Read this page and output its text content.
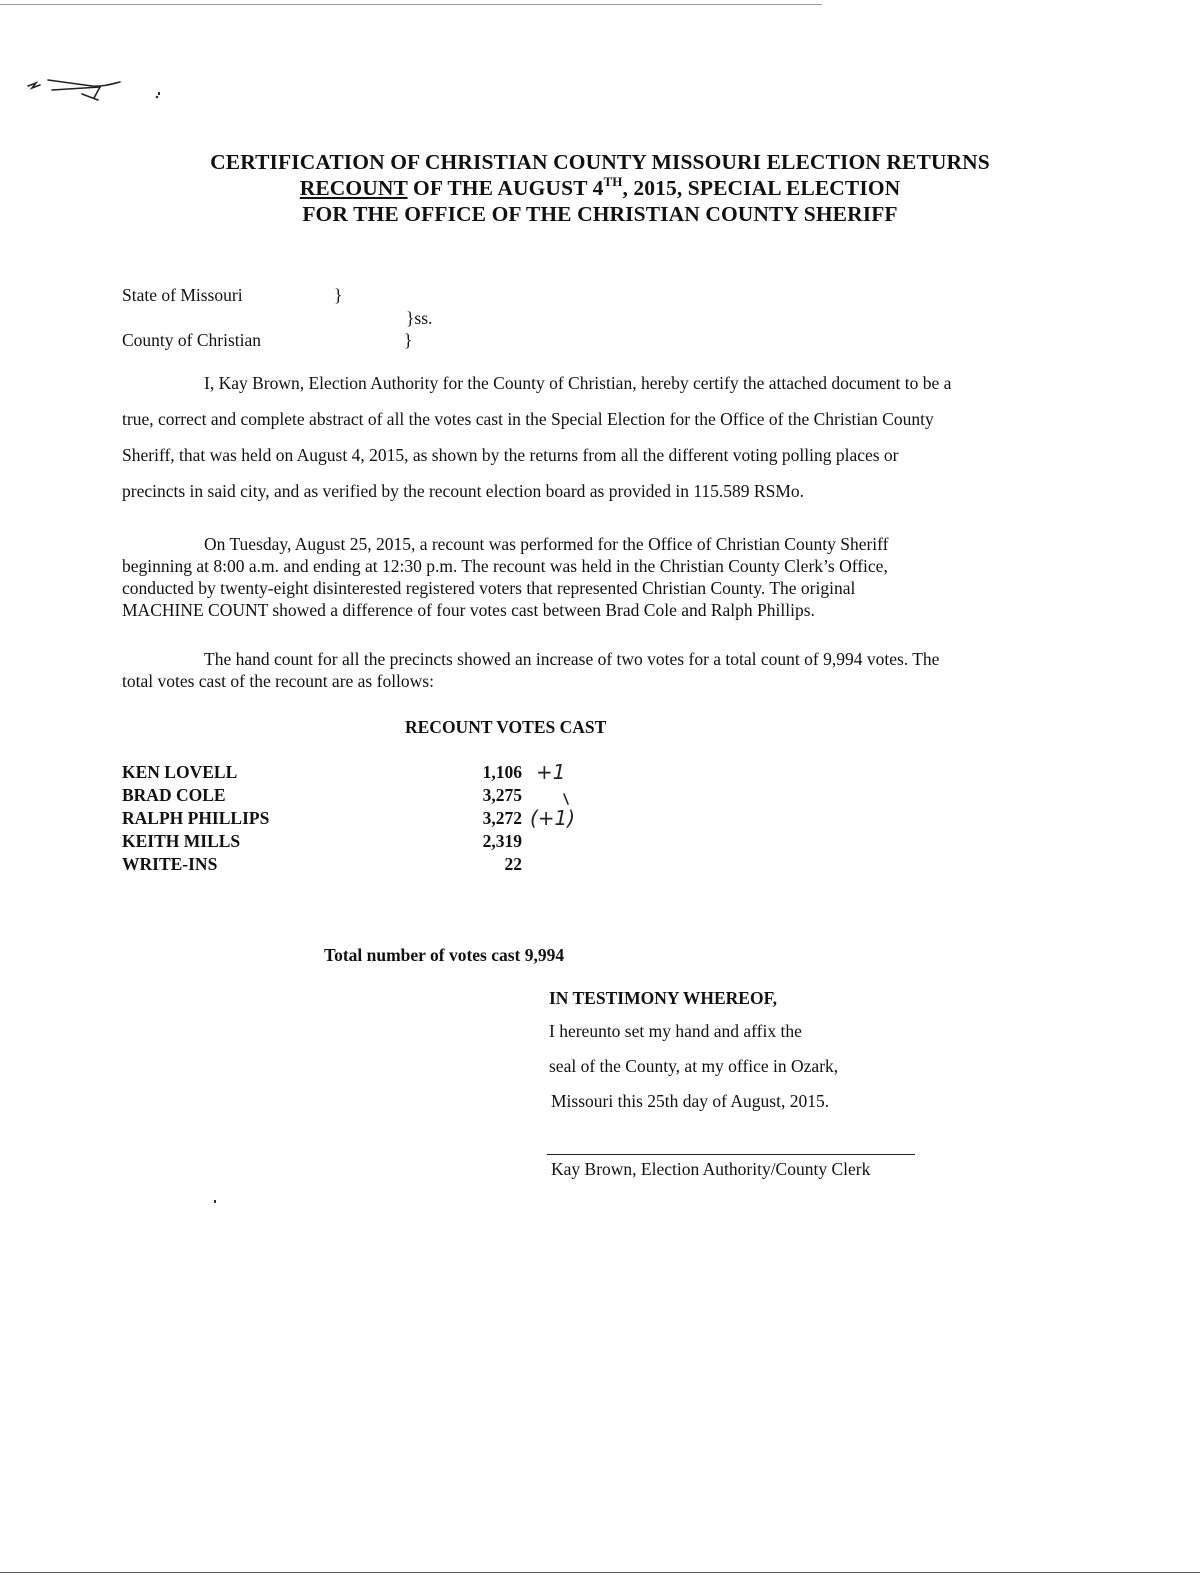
CERTIFICATION OF CHRISTIAN COUNTY MISSOURI ELECTION RETURNS
RECOUNT OF THE AUGUST 4TH, 2015, SPECIAL ELECTION
FOR THE OFFICE OF THE CHRISTIAN COUNTY SHERIFF
State of Missouri	}
}ss.
County of Christian	}
I, Kay Brown, Election Authority for the County of Christian, hereby certify the attached document to be a
true, correct and complete abstract of all the votes cast in the Special Election for the Office of the Christian County
Sheriff, that was held on August 4, 2015, as shown by the returns from all the different voting polling places or
precincts in said city, and as verified by the recount election board as provided in 115.589 RSMo.
On Tuesday, August 25, 2015, a recount was performed for the Office of Christian County Sheriff
beginning at 8:00 a.m. and ending at 12:30 p.m. The recount was held in the Christian County Clerk’s Office,
conducted by twenty-eight disinterested registered voters that represented Christian County. The original
MACHINE COUNT showed a difference of four votes cast between Brad Cole and Ralph Phillips.
The hand count for all the precincts showed an increase of two votes for a total count of 9,994 votes. The
total votes cast of the recount are as follows:
RECOUNT VOTES CAST
KEN LOVELL	1,106
BRAD COLE	3,275
RALPH PHILLIPS	3,272
KEITH MILLS	2,319
WRITE-INS	22
+1
(+1)
Total number of votes cast 9,994
IN TESTIMONY WHEREOF,
I hereunto set my hand and affix the
seal of the County, at my office in Ozark,
Missouri this 25th day of August, 2015.
Kay Brown, Election Authority/County Clerk
